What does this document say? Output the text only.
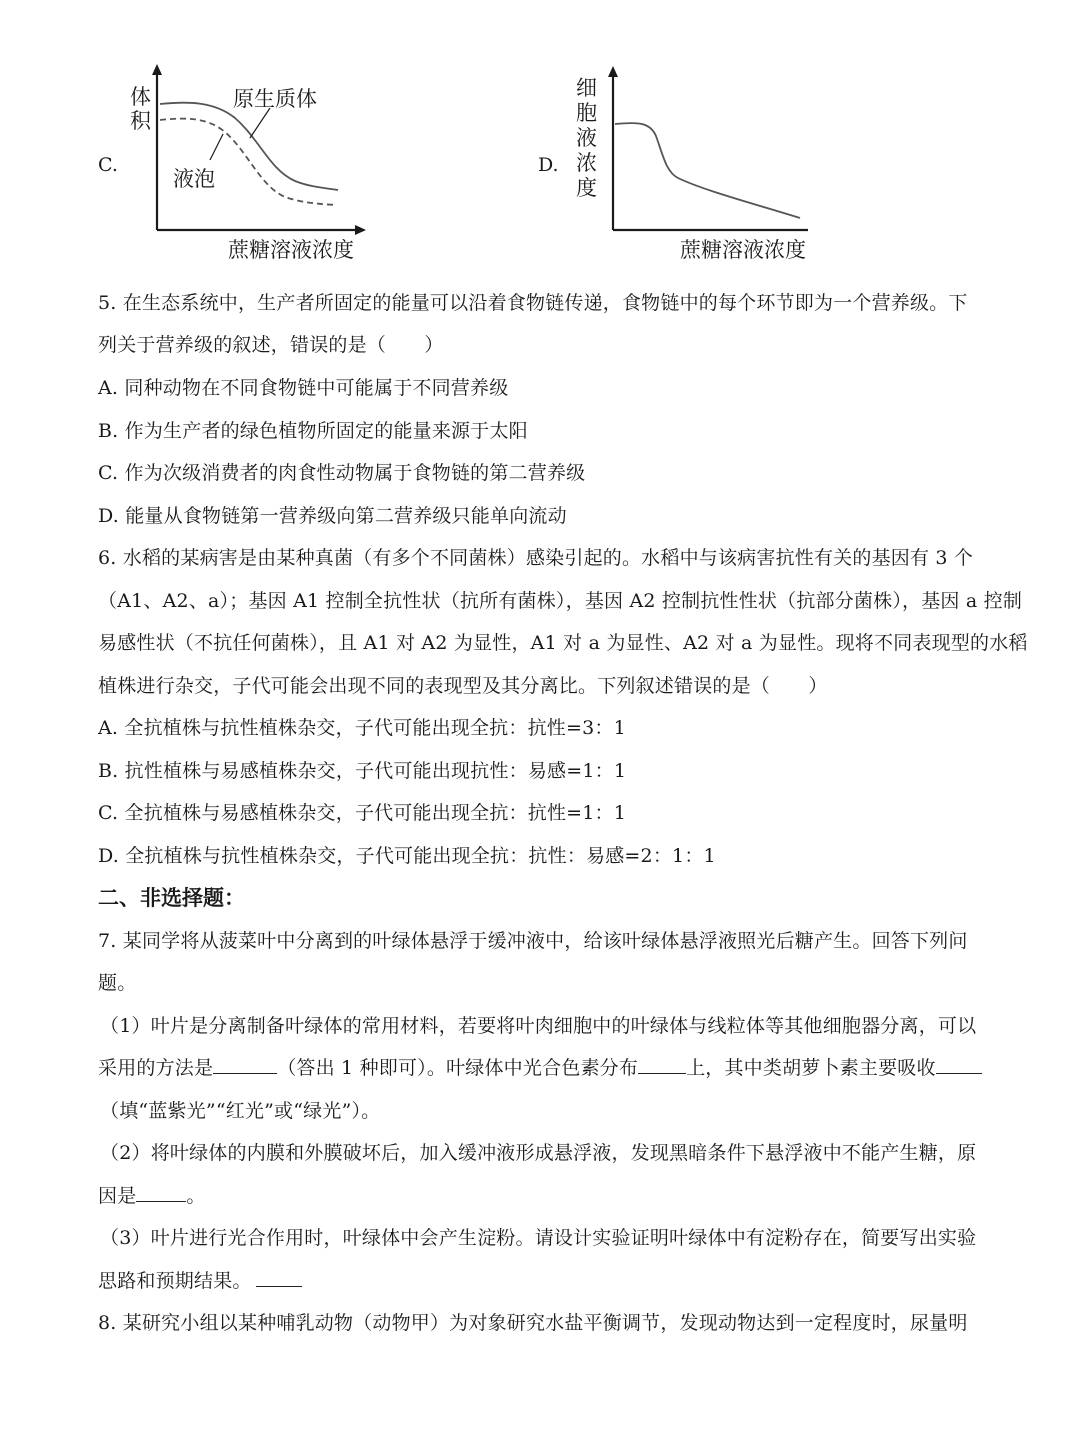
C.
体
积
原生质体
液泡
蔗糖溶液浓度
D.
细
胞
液
浓
度
蔗糖溶液浓度
5. 在生态系统中，生产者所固定的能量可以沿着食物链传递，食物链中的每个环节即为一个营养级。下
列关于营养级的叙述，错误的是（　　）
A. 同种动物在不同食物链中可能属于不同营养级
B. 作为生产者的绿色植物所固定的能量来源于太阳
C. 作为次级消费者的肉食性动物属于食物链的第二营养级
D. 能量从食物链第一营养级向第二营养级只能单向流动
6. 水稻的某病害是由某种真菌（有多个不同菌株）感染引起的。水稻中与该病害抗性有关的基因有 3 个
（A1、A2、a）；基因 A1 控制全抗性状（抗所有菌株），基因 A2 控制抗性性状（抗部分菌株），基因 a 控制
易感性状（不抗任何菌株），且 A1 对 A2 为显性，A1 对 a 为显性、A2 对 a 为显性。现将不同表现型的水稻
植株进行杂交，子代可能会出现不同的表现型及其分离比。下列叙述错误的是（　　）
A. 全抗植株与抗性植株杂交，子代可能出现全抗：抗性=3：1
B. 抗性植株与易感植株杂交，子代可能出现抗性：易感=1：1
C. 全抗植株与易感植株杂交，子代可能出现全抗：抗性=1：1
D. 全抗植株与抗性植株杂交，子代可能出现全抗：抗性：易感=2：1：1
二、非选择题：
7. 某同学将从菠菜叶中分离到的叶绿体悬浮于缓冲液中，给该叶绿体悬浮液照光后糖产生。回答下列问
题。
（1）叶片是分离制备叶绿体的常用材料，若要将叶肉细胞中的叶绿体与线粒体等其他细胞器分离，可以
采用的方法是	（答出 1 种即可）。叶绿体中光合色素分布	上，其中类胡萝卜素主要吸收
（填“蓝紫光”“红光”或“绿光”）。
（2）将叶绿体的内膜和外膜破坏后，加入缓冲液形成悬浮液，发现黑暗条件下悬浮液中不能产生糖，原
因是	。
（3）叶片进行光合作用时，叶绿体中会产生淀粉。请设计实验证明叶绿体中有淀粉存在，简要写出实验
思路和预期结果。
8. 某研究小组以某种哺乳动物（动物甲）为对象研究水盐平衡调节，发现动物达到一定程度时，尿量明
